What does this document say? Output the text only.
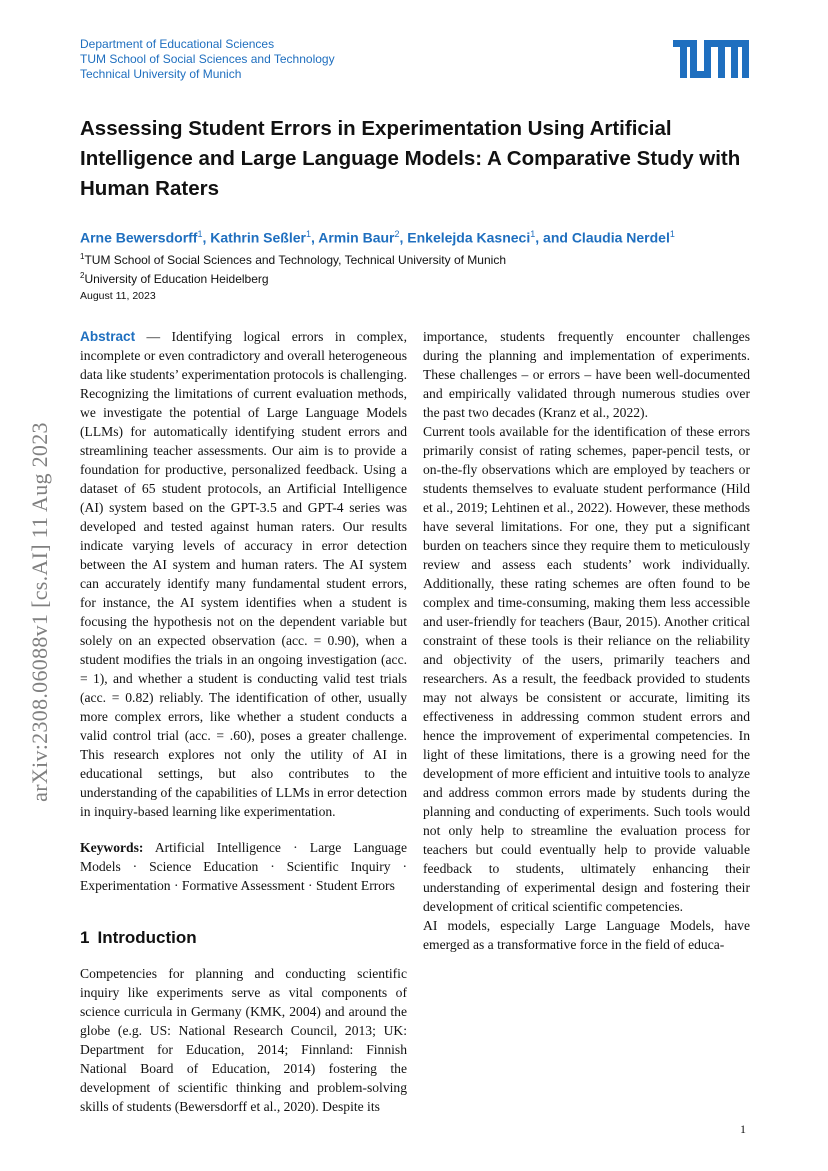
Department of Educational Sciences
TUM School of Social Sciences and Technology
Technical University of Munich
Assessing Student Errors in Experimentation Using Artificial Intelligence and Large Language Models: A Comparative Study with Human Raters
Arne Bewersdorff$^1$, Kathrin Seßler$^1$, Armin Baur$^2$, Enkelejda Kasneci$^1$, and Claudia Nerdel$^1$
$^1$TUM School of Social Sciences and Technology, Technical University of Munich
$^2$University of Education Heidelberg
August 11, 2023
arXiv:2308.06088v1 [cs.AI] 11 Aug 2023

Abstract — Identifying logical errors in complex, incomplete or even contradictory and overall heterogeneous data like students’ experimentation protocols is challenging. Recognizing the limitations of current evaluation methods, we investigate the potential of Large Language Models (LLMs) for automatically identifying student errors and streamlining teacher assessments. Our aim is to provide a foundation for productive, personalized feedback. Using a dataset of 65 student protocols, an Artificial Intelligence (AI) system based on the GPT-3.5 and GPT-4 series was developed and tested against human raters. Our results indicate varying levels of accuracy in error detection between the AI system and human raters. The AI system can accurately identify many fundamental student errors, for instance, the AI system identifies when a student is focusing the hypothesis not on the dependent variable but solely on an expected observation (acc. = 0.90), when a student modifies the trials in an ongoing investigation (acc. = 1), and whether a student is conducting valid test trials (acc. = 0.82) reliably. The identification of other, usually more complex errors, like whether a student conducts a valid control trial (acc. = .60), poses a greater challenge. This research explores not only the utility of AI in educational settings, but also contributes to the understanding of the capabilities of LLMs in error detection in inquiry-based learning like experimentation.

Keywords: Artificial Intelligence · Large Language Models · Science Education · Scientific Inquiry · Experimentation · Formative Assessment · Student Errors

1 Introduction

Competencies for planning and conducting scientific inquiry like experiments serve as vital components of science curricula in Germany (KMK, 2004) and around the globe (e.g. US: National Research Council, 2013; UK: Department for Education, 2014; Finnland: Finnish National Board of Education, 2014) fostering the development of scientific thinking and problem-solving skills of students (Bewersdorff et al., 2020). Despite its

importance, students frequently encounter challenges during the planning and implementation of experiments. These challenges – or errors – have been well-documented and empirically validated through numerous studies over the past two decades (Kranz et al., 2022).

Current tools available for the identification of these errors primarily consist of rating schemes, paper-pencil tests, or on-the-fly observations which are employed by teachers or students themselves to evaluate student performance (Hild et al., 2019; Lehtinen et al., 2022). However, these methods have several limitations. For one, they put a significant burden on teachers since they require them to meticulously review and assess each students’ work individually. Additionally, these rating schemes are often found to be complex and time-consuming, making them less accessible and user-friendly for teachers (Baur, 2015). Another critical constraint of these tools is their reliance on the reliability and objectivity of the users, primarily teachers and researchers. As a result, the feedback provided to students may not always be consistent or accurate, limiting its effectiveness in addressing common student errors and hence the improvement of experimental competencies. In light of these limitations, there is a growing need for the development of more efficient and intuitive tools to analyze and address common errors made by students during the planning and conducting of experiments. Such tools would not only help to streamline the evaluation process for teachers but could eventually help to provide valuable feedback to students, ultimately enhancing their understanding of experimental design and fostering their development of critical scientific competencies.

AI models, especially Large Language Models, have emerged as a transformative force in the field of educa-

1
